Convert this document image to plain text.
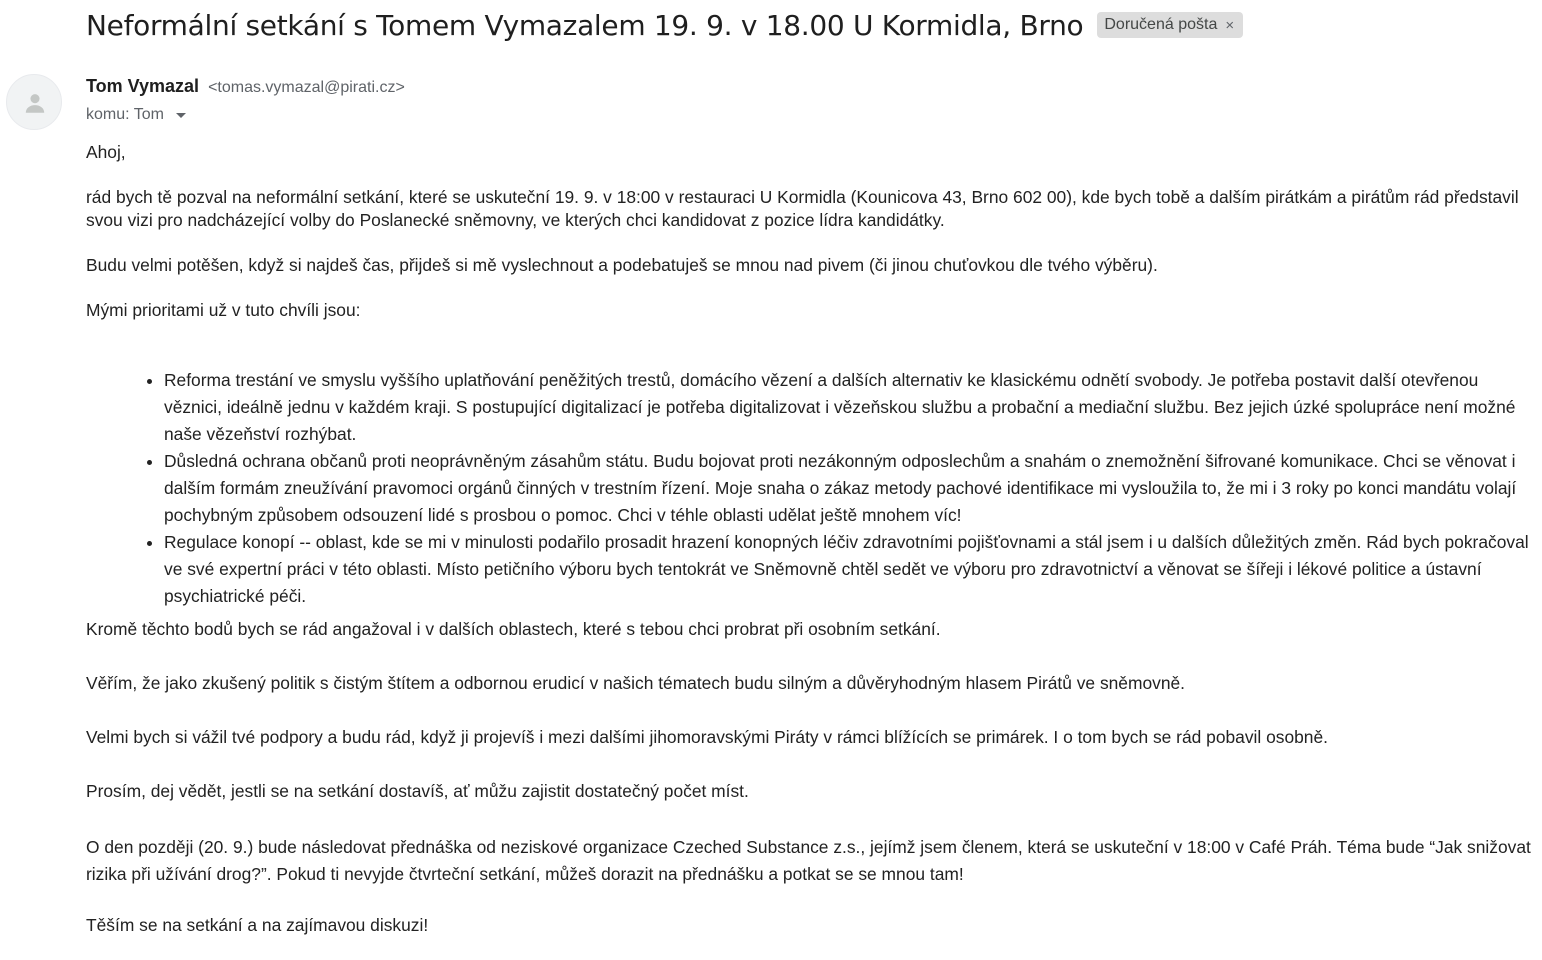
Neformální setkání s Tomem Vymazalem 19. 9. v 18.00 U Kormidla, Brno Doručená pošta ×
Tom Vymazal <tomas.vymazal@pirati.cz>
komu: Tom

Ahoj,

rád bych tě pozval na neformální setkání, které se uskuteční 19. 9. v 18:00 v restauraci U Kormidla (Kounicova 43, Brno 602 00), kde bych tobě a dalším pirátkám a pirátům rád představil svou vizi pro nadcházející volby do Poslanecké sněmovny, ve kterých chci kandidovat z pozice lídra kandidátky.

Budu velmi potěšen, když si najdeš čas, přijdeš si mě vyslechnout a podebatuješ se mnou nad pivem (či jinou chuťovkou dle tvého výběru).

Mými prioritami už v tuto chvíli jsou:

• Reforma trestání ve smyslu vyššího uplatňování peněžitých trestů, domácího vězení a dalších alternativ ke klasickému odnětí svobody. Je potřeba postavit další otevřenou věznici, ideálně jednu v každém kraji. S postupující digitalizací je potřeba digitalizovat i vězeňskou službu a probační a mediační službu. Bez jejich úzké spolupráce není možné naše vězeňství rozhýbat.
• Důsledná ochrana občanů proti neoprávněným zásahům státu. Budu bojovat proti nezákonným odposlechům a snahám o znemožnění šifrované komunikace. Chci se věnovat i dalším formám zneužívání pravomoci orgánů činných v trestním řízení. Moje snaha o zákaz metody pachové identifikace mi vysloužila to, že mi i 3 roky po konci mandátu volají pochybným způsobem odsouzení lidé s prosbou o pomoc. Chci v téhle oblasti udělat ještě mnohem víc!
• Regulace konopí -- oblast, kde se mi v minulosti podařilo prosadit hrazení konopných léčiv zdravotními pojišťovnami a stál jsem i u dalších důležitých změn. Rád bych pokračoval ve své expertní práci v této oblasti. Místo petičního výboru bych tentokrát ve Sněmovně chtěl sedět ve výboru pro zdravotnictví a věnovat se šířeji i lékové politice a ústavní psychiatrické péči.

Kromě těchto bodů bych se rád angažoval i v dalších oblastech, které s tebou chci probrat při osobním setkání.

Věřím, že jako zkušený politik s čistým štítem a odbornou erudicí v našich tématech budu silným a důvěryhodným hlasem Pirátů ve sněmovně.

Velmi bych si vážil tvé podpory a budu rád, když ji projevíš i mezi dalšími jihomoravskými Piráty v rámci blížících se primárek. I o tom bych se rád pobavil osobně.

Prosím, dej vědět, jestli se na setkání dostavíš, ať můžu zajistit dostatečný počet míst.

O den později (20. 9.) bude následovat přednáška od neziskové organizace Czeched Substance z.s., jejímž jsem členem, která se uskuteční v 18:00 v Café Práh. Téma bude “Jak snižovat rizika při užívání drog?”. Pokud ti nevyjde čtvrteční setkání, můžeš dorazit na přednášku a potkat se se mnou tam!

Těším se na setkání a na zajímavou diskuzi!
